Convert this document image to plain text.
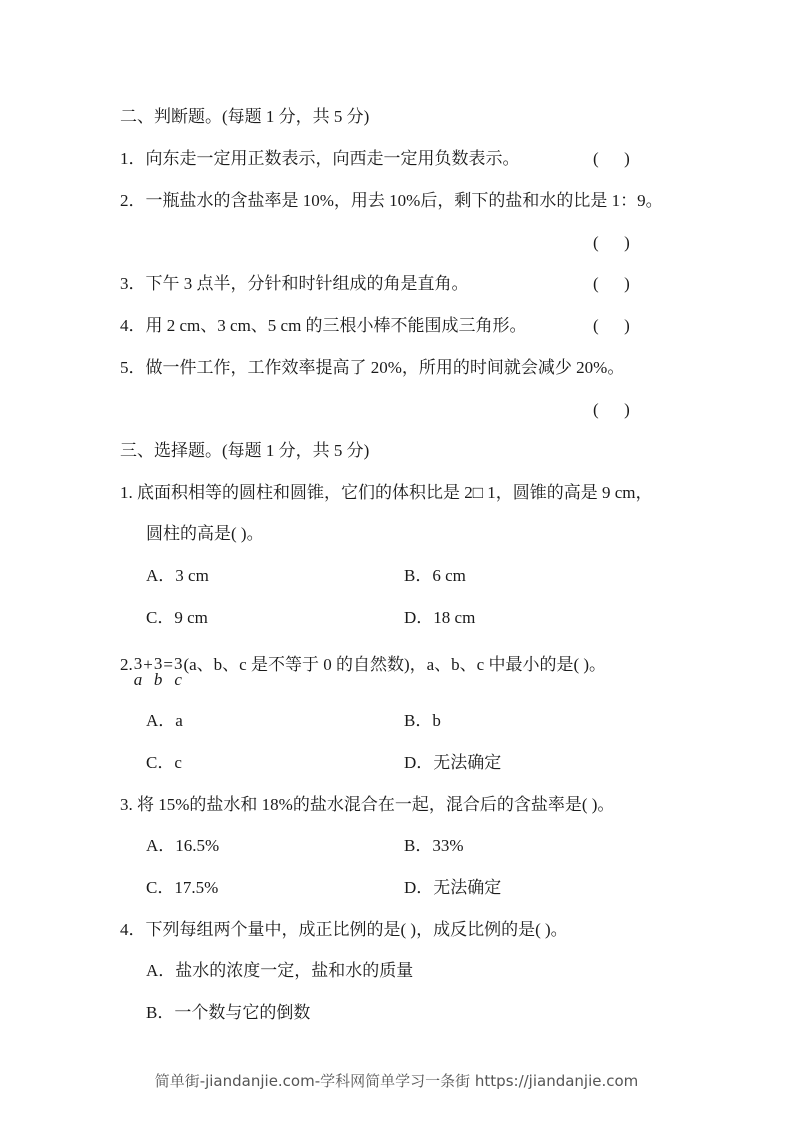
二、判断题。(每题 1 分，共 5 分)
1．向东走一定用正数表示，向西走一定用负数表示。	(      )
2．一瓶盐水的含盐率是 10%，用去 10%后，剩下的盐和水的比是 1：9。
(      )
3．下午 3 点半，分针和时针组成的角是直角。	(      )
4．用 2 cm、3 cm、5 cm 的三根小棒不能围成三角形。	(      )
5．做一件工作，工作效率提高了 20%，所用的时间就会减少 20%。
(      )
三、选择题。(每题 1 分，共 5 分)
1. 底面积相等的圆柱和圆锥，它们的体积比是 2□ 1，圆锥的高是 9 cm，
圆柱的高是( )。
A．3 cm	B．6 cm
C．9 cm	D．18 cm
2. 3
a
+ 3
b
= 3
c
(a、b、c 是不等于 0 的自然数)，a、b、c 中最小的是( )。
A．a	B．b
C．c	D．无法确定
3. 将 15%的盐水和 18%的盐水混合在一起，混合后的含盐率是( )。
A．16.5%	B．33%
C．17.5%	D．无法确定
4．下列每组两个量中，成正比例的是( )，成反比例的是( )。
A．盐水的浓度一定，盐和水的质量
B．一个数与它的倒数
简单街-jiandanjie.com-学科网简单学习一条街 https://jiandanjie.com
